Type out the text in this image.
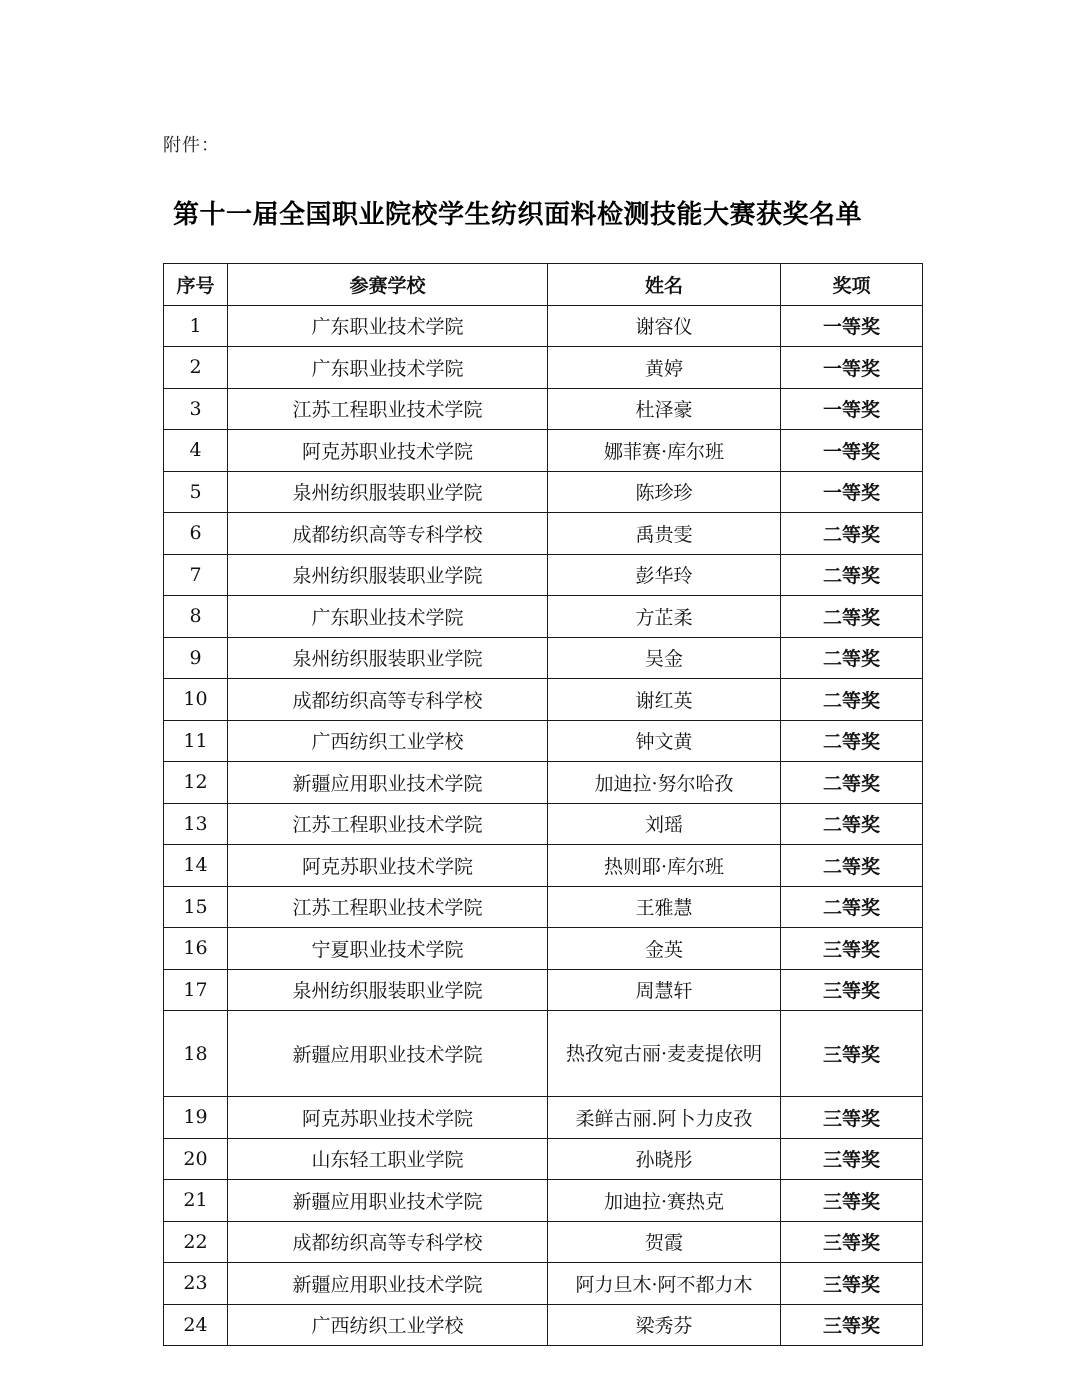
附件：
第十一届全国职业院校学生纺织面料检测技能大赛获奖名单
序号	参赛学校	姓名	奖项
1	广东职业技术学院	谢容仪	一等奖
2	广东职业技术学院	黄婷	一等奖
3	江苏工程职业技术学院	杜泽豪	一等奖
4	阿克苏职业技术学院	娜菲赛·库尔班	一等奖
5	泉州纺织服装职业学院	陈珍珍	一等奖
6	成都纺织高等专科学校	禹贵雯	二等奖
7	泉州纺织服装职业学院	彭华玲	二等奖
8	广东职业技术学院	方芷柔	二等奖
9	泉州纺织服装职业学院	吴金	二等奖
10	成都纺织高等专科学校	谢红英	二等奖
11	广西纺织工业学校	钟文黄	二等奖
12	新疆应用职业技术学院	加迪拉·努尔哈孜	二等奖
13	江苏工程职业技术学院	刘瑶	二等奖
14	阿克苏职业技术学院	热则耶·库尔班	二等奖
15	江苏工程职业技术学院	王雅慧	二等奖
16	宁夏职业技术学院	金英	三等奖
17	泉州纺织服装职业学院	周慧轩	三等奖
18	新疆应用职业技术学院	热孜宛古丽·麦麦提依明	三等奖
19	阿克苏职业技术学院	柔鲜古丽.阿卜力皮孜	三等奖
20	山东轻工职业学院	孙晓彤	三等奖
21	新疆应用职业技术学院	加迪拉·赛热克	三等奖
22	成都纺织高等专科学校	贺霞	三等奖
23	新疆应用职业技术学院	阿力旦木·阿不都力木	三等奖
24	广西纺织工业学校	梁秀芬	三等奖
